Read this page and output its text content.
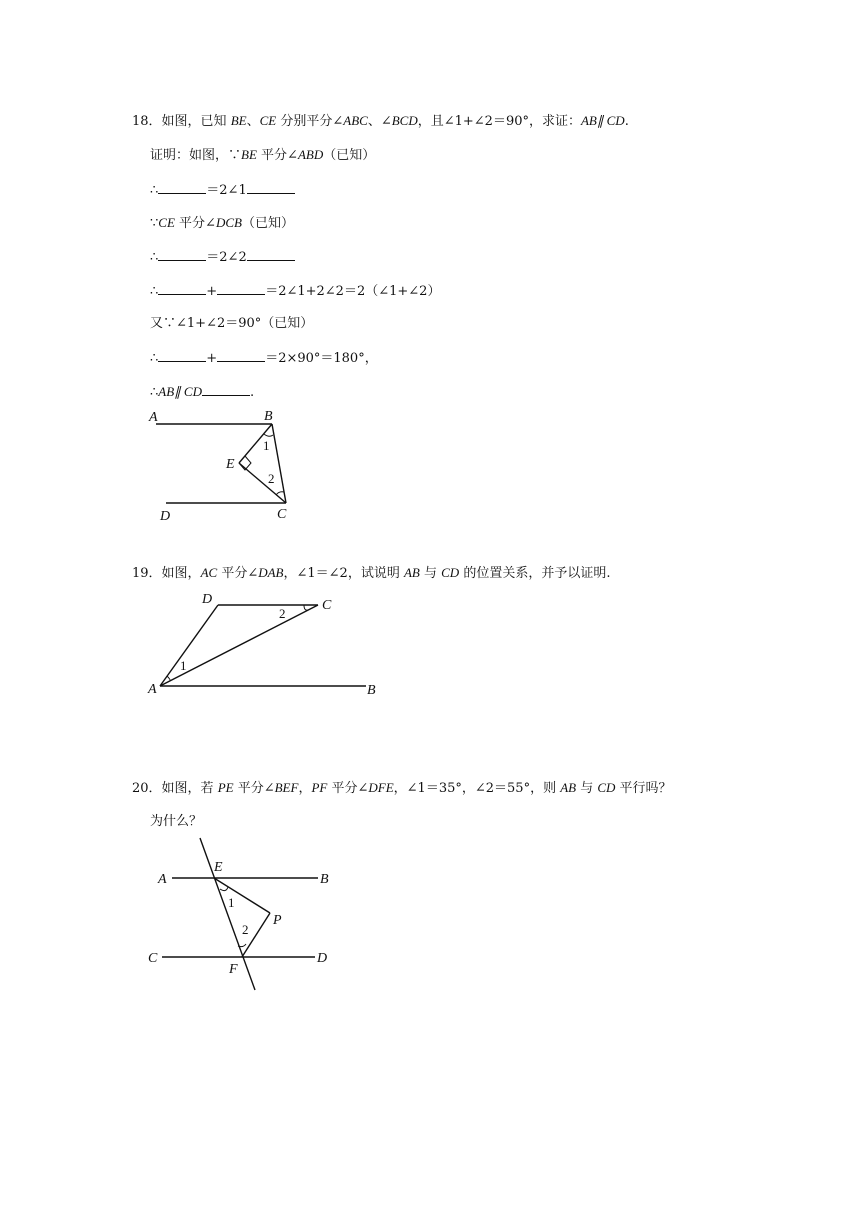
18．如图，已知 BE、CE 分别平分∠ABC、∠BCD，且∠1+∠2＝90°，求证：AB∥ CD.
证明：如图，∵BE 平分∠ABD（已知）
∴	＝2∠1
∵CE 平分∠DCB（已知）
∴	＝2∠2
∴	+	＝2∠1+2∠2＝2（∠1+∠2）
又∵∠1+∠2＝90°（已知）
∴	+	＝2×90°＝180°，
∴AB∥ CD	.
A	B
E
D	C
1
2
19．如图，AC 平分∠DAB，∠1＝∠2，试说明 AB 与 CD 的位置关系，并予以证明.
D	C
A	B
1
2
20．如图，若 PE 平分∠BEF，PF 平分∠DFE，∠1＝35°，∠2＝55°，则 AB 与 CD 平行吗？
为什么？
A
E
B
P
C
F
D
1
2
